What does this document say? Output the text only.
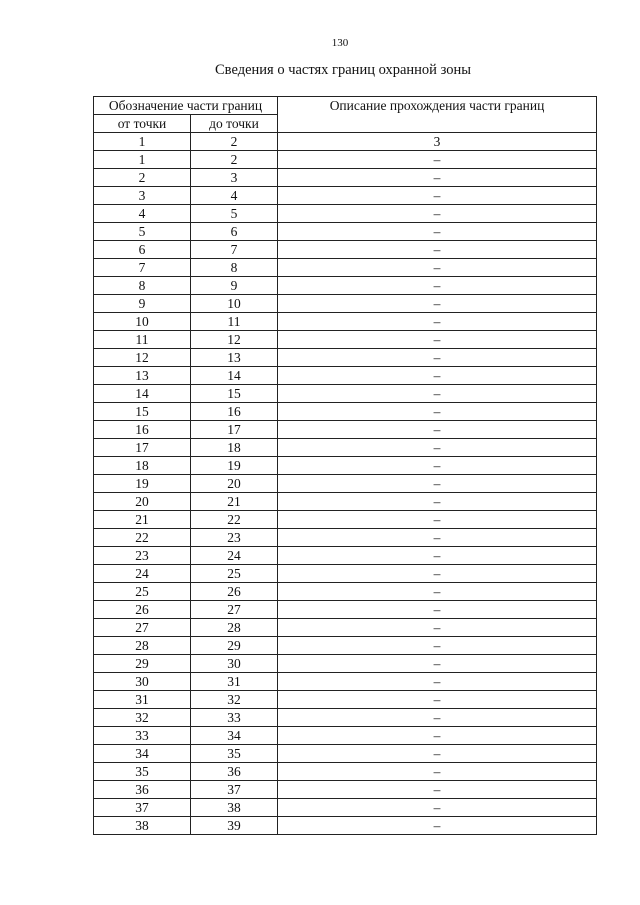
130
Сведения о частях границ охранной зоны
Обозначение части границ		Описание прохождения части границ
от точки	до точки	
1	2	3
1	2	–
2	3	–
3	4	–
4	5	–
5	6	–
6	7	–
7	8	–
8	9	–
9	10	–
10	11	–
11	12	–
12	13	–
13	14	–
14	15	–
15	16	–
16	17	–
17	18	–
18	19	–
19	20	–
20	21	–
21	22	–
22	23	–
23	24	–
24	25	–
25	26	–
26	27	–
27	28	–
28	29	–
29	30	–
30	31	–
31	32	–
32	33	–
33	34	–
34	35	–
35	36	–
36	37	–
37	38	–
38	39	–
